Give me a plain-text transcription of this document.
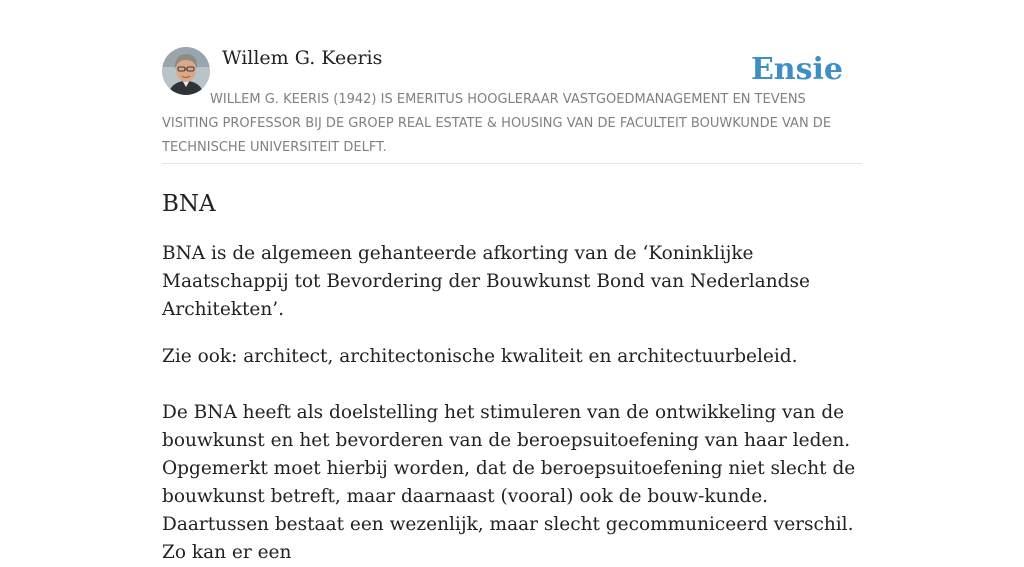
Willem G. Keeris	Ensie
WILLEM G. KEERIS (1942) IS EMERITUS HOOGLERAAR VASTGOEDMANAGEMENT EN TEVENS VISITING PROFESSOR BIJ DE GROEP REAL ESTATE & HOUSING VAN DE FACULTEIT BOUWKUNDE VAN DE TECHNISCHE UNIVERSITEIT DELFT.
BNA

BNA is de algemeen gehanteerde afkorting van de ‘Koninklijke Maatschappij tot Bevordering der Bouwkunst Bond van Nederlandse Architekten’.

Zie ook: architect, architectonische kwaliteit en architectuurbeleid.

De BNA heeft als doelstelling het stimuleren van de ontwikkeling van de bouwkunst en het bevorderen van de beroepsuitoefening van haar leden. Opgemerkt moet hierbij worden, dat de beroepsuitoefening niet slecht de bouwkunst betreft, maar daarnaast (vooral) ook de bouw-kunde. Daartussen bestaat een wezenlijk, maar slecht gecommuniceerd verschil. Zo kan er een
